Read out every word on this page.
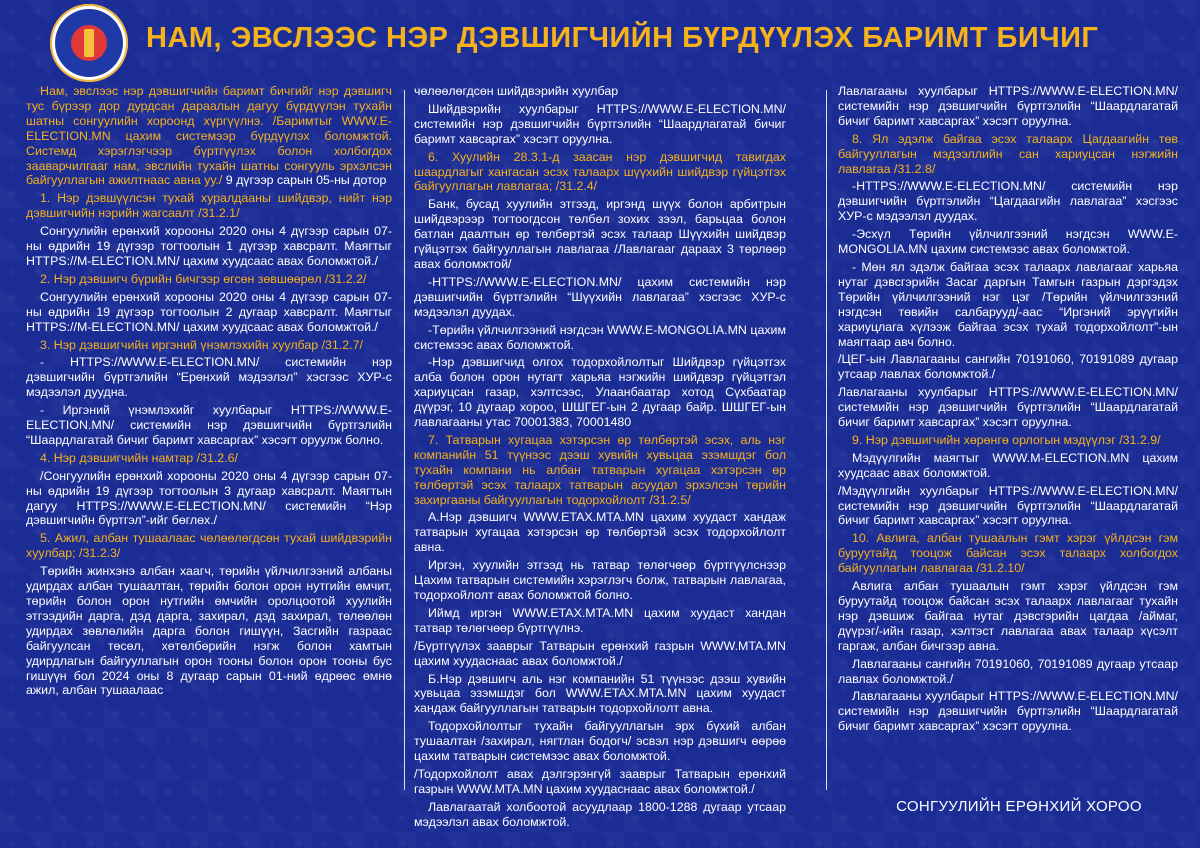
НАМ, ЭВСЛЭЭС НЭР ДЭВШИГЧИЙН БҮРДҮҮЛЭХ БАРИМТ БИЧИГ

Нам, эвслээс нэр дэвшигчийн баримт бичгийг нэр дэвшигч тус бүрээр дор дурдсан дараалын дагуу бүрдүүлэн тухайн шатны сонгуулийн хороонд хүргүүлнэ. /Баримтыг WWW.E-ELECTION.MN цахим системээр бүрдүүлэх боломжтой. Системд хэрэглэгчээр бүртгүүлэх болон холбогдох зааварчилгааг нам, эвслийн тухайн шатны сонгууль эрхэлсэн байгууллагын ажилтнаас авна уу./ 9 дүгээр сарын 05-ны дотор

1. Нэр дэвшүүлсэн тухай хуралдааны шийдвэр, нийт нэр дэвшигчийн нэрийн жагсаалт /31.2.1/

Сонгуулийн ерөнхий хорооны 2020 оны 4 дүгээр сарын 07-ны өдрийн 19 дүгээр тогтоолын 1 дүгээр хавсралт. Маягтыг HTTPS://M-ELECTION.MN/ цахим хуудсаас авах боломжтой./

2. Нэр дэвшигч бүрийн бичгээр өгсөн зөвшөөрөл /31.2.2/

Сонгуулийн ерөнхий хорооны 2020 оны 4 дүгээр сарын 07-ны өдрийн 19 дүгээр тогтоолын 2 дугаар хавсралт. Маягтыг HTTPS://M-ELECTION.MN/ цахим хуудсаас авах боломжтой./

3. Нэр дэвшигчийн иргэний үнэмлэхийн хуулбар /31.2.7/

- HTTPS://WWW.E-ELECTION.MN/ системийн нэр дэвшигчийн бүртгэлийн “Ерөнхий мэдээлэл” хэсгээс ХУР-с мэдээлэл дуудна.

- Иргэний үнэмлэхийг хуулбарыг HTTPS://WWW.E-ELECTION.MN/ системийн нэр дэвшигчийн бүртгэлийн “Шаардлагатай бичиг баримт хавсаргах” хэсэгт оруулж болно.

4. Нэр дэвшигчийн намтар /31.2.6/

/Сонгуулийн ерөнхий хорооны 2020 оны 4 дүгээр сарын 07-ны өдрийн 19 дүгээр тогтоолын 3 дугаар хавсралт. Маягтын дагуу HTTPS://WWW.E-ELECTION.MN/ системийн “Нэр дэвшигчийн бүртгэл”-ийг бөглөх./

5. Ажил, албан тушаалаас чөлөөлөгдсөн тухай шийдвэрийн хуулбар; /31.2.3/

Төрийн жинхэнэ албан хаагч, төрийн үйлчилгээний албаны удирдах албан тушаалтан, төрийн болон орон нутгийн өмчит, төрийн болон орон нутгийн өмчийн оролцоотой хуулийн этгээдийн дарга, дэд дарга, захирал, дэд захирал, төлөөлөн удирдах зөвлөлийн дарга болон гишүүн, Засгийн газраас байгуулсан төсөл, хөтөлбөрийн нэгж болон хамтын удирдлагын байгууллагын орон тооны болон орон тооны бус гишүүн бол 2024 оны 8 дугаар сарын 01-ний өдрөөс өмнө ажил, албан тушаалаас

чөлөөлөгдсөн шийдвэрийн хуулбар

Шийдвэрийн хуулбарыг HTTPS://WWW.E-ELECTION.MN/ системийн нэр дэвшигчийн бүртгэлийн “Шаардлагатай бичиг баримт хавсаргах” хэсэгт оруулна.

6. Хуулийн 28.3.1-д заасан нэр дэвшигчид тавигдах шаардлагыг хангасан эсэх талаарх шүүхийн шийдвэр гүйцэтгэх байгууллагын лавлагаа; /31.2.4/

Банк, бусад хуулийн этгээд, иргэнд шүүх болон арбитрын шийдвэрээр тогтоогдсон төлбөл зохих зээл, барьцаа болон батлан даалтын өр төлбөртэй эсэх талаар Шүүхийн шийдвэр гүйцэтгэх байгууллагын лавлагаа /Лавлагааг дараах 3 төрлөөр авах боломжтой/

-HTTPS://WWW.E-ELECTION.MN/ цахим системийн нэр дэвшигчийн бүртгэлийн “Шүүхийн лавлагаа” хэсгээс ХУР-с мэдээлэл дуудах.

-Төрийн үйлчилгээний нэгдсэн WWW.E-MONGOLIA.MN цахим системээс авах боломжтой.

-Нэр дэвшигчид олгох тодорхойлолтыг Шийдвэр гүйцэтгэх алба болон орон нутагт харьяа нэгжийн шийдвэр гүйцэтгэл хариуцсан газар, хэлтсээс, Улаанбаатар хотод Сүхбаатар дүүрэг, 10 дугаар хороо, ШШГЕГ-ын 2 дугаар байр. ШШГЕГ-ын лавлагааны утас 70001383, 70001480

7. Татварын хугацаа хэтэрсэн өр төлбөртэй эсэх, аль нэг компанийн 51 түүнээс дээш хувийн хувьцаа эзэмшдэг бол тухайн компани нь албан татварын хугацаа хэтэрсэн өр төлбөртэй эсэх талаарх татварын асуудал эрхэлсэн төрийн захиргааны байгууллагын тодорхойлолт /31.2.5/

А.Нэр дэвшигч WWW.ETAX.MTA.MN цахим хуудаст хандаж татварын хугацаа хэтэрсэн өр төлбөртэй эсэх тодорхойлолт авна.

Иргэн, хуулийн этгээд нь татвар төлөгчөөр бүртгүүлснээр Цахим татварын системийн хэрэглэгч болж, татварын лавлагаа, тодорхойлолт авах боломжтой болно.

Иймд иргэн WWW.ETAX.MTA.MN цахим хуудаст хандан татвар төлөгчөөр бүртгүүлнэ.

/Бүртгүүлэх зааврыг Татварын ерөнхий газрын WWW.MTA.MN цахим хуудаснаас авах боломжтой./

Б.Нэр дэвшигч аль нэг компанийн 51 түүнээс дээш хувийн хувьцаа эзэмшдэг бол WWW.ETAX.MTA.MN цахим хуудаст хандаж байгууллагын татварын тодорхойлолт авна.

Тодорхойлолтыг тухайн байгууллагын эрх бүхий албан тушаалтан /захирал, нягтлан бодогч/ эсвэл нэр дэвшигч өөрөө цахим татварын системээс авах боломжтой.

/Тодорхойлолт авах дэлгэрэнгүй зааврыг Татварын ерөнхий газрын WWW.MTA.MN цахим хуудаснаас авах боломжтой./

Лавлагаатай холбоотой асуудлаар 1800-1288 дугаар утсаар мэдээлэл авах боломжтой.

Лавлагааны хуулбарыг HTTPS://WWW.E-ELECTION.MN/ системийн нэр дэвшигчийн бүртгэлийн “Шаардлагатай бичиг баримт хавсаргах” хэсэгт оруулна.

8. Ял эдэлж байгаа эсэх талаарх Цагдаагийн төв байгууллагын мэдээллийн сан хариуцсан нэгжийн лавлагаа /31.2.8/

-HTTPS://WWW.E-ELECTION.MN/ системийн нэр дэвшигчийн бүртгэлийн “Цагдаагийн лавлагаа” хэсгээс ХУР-с мэдээлэл дуудах.

-Эсхүл Төрийн үйлчилгээний нэгдсэн WWW.E-MONGOLIA.MN цахим системээс авах боломжтой.

- Мөн ял эдэлж байгаа эсэх талаарх лавлагааг харьяа нутаг дэвсгэрийн Засаг даргын Тамгын газрын дэргэдэх Төрийн үйлчилгээний нэг цэг /Төрийн үйлчилгээний нэгдсэн төвийн салбарууд/-аас “Иргэний эрүүгийн хариуцлага хүлээж байгаа эсэх тухай тодорхойлолт”-ын маягтаар авч болно.

/ЦЕГ-ын Лавлагааны сангийн 70191060, 70191089 дугаар утсаар лавлах боломжтой./

Лавлагааны хуулбарыг HTTPS://WWW.E-ELECTION.MN/ системийн нэр дэвшигчийн бүртгэлийн “Шаардлагатай бичиг баримт хавсаргах” хэсэгт оруулна.

9. Нэр дэвшигчийн хөрөнгө орлогын мэдүүлэг /31.2.9/

Мэдүүлгийн маягтыг WWW.M-ELECTION.MN цахим хуудсаас авах боломжтой.

/Мэдүүлгийн хуулбарыг HTTPS://WWW.E-ELECTION.MN/ системийн нэр дэвшигчийн бүртгэлийн “Шаардлагатай бичиг баримт хавсаргах” хэсэгт оруулна.

10. Авлига, албан тушаалын гэмт хэрэг үйлдсэн гэм буруутайд тооцож байсан эсэх талаарх холбогдох байгууллагын лавлагаа /31.2.10/

Авлига албан тушаалын гэмт хэрэг үйлдсэн гэм буруутайд тооцож байсан эсэх талаарх лавлагааг тухайн нэр дэвшиж байгаа нутаг дэвсгэрийн цагдаа /аймаг, дүүрэг/-ийн газар, хэлтэст лавлагаа авах талаар хүсэлт гаргаж, албан бичгээр авна.

Лавлагааны сангийн 70191060, 70191089 дугаар утсаар лавлах боломжтой./

Лавлагааны хуулбарыг HTTPS://WWW.E-ELECTION.MN/ системийн нэр дэвшигчийн бүртгэлийн “Шаардлагатай бичиг баримт хавсаргах” хэсэгт оруулна.

СОНГУУЛИЙН ЕРӨНХИЙ ХОРОО
